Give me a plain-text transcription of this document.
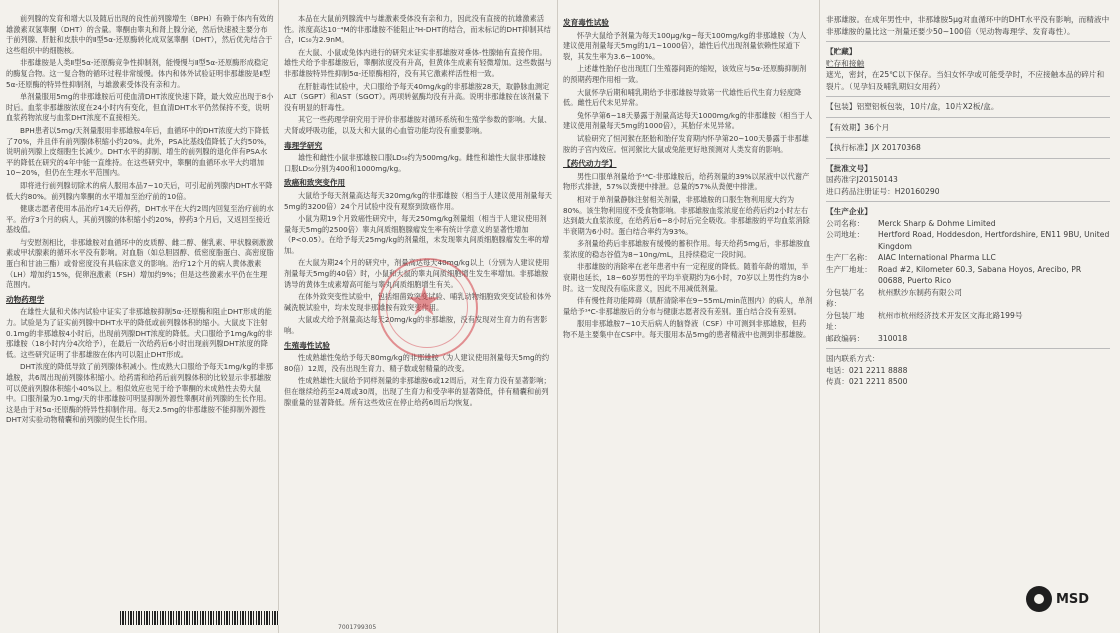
前列腺的发育和增大以及随后出现的良性前列腺增生（BPH）有赖于体内有效的雄激素双氢睾酮（DHT）的含量。睾酮由睾丸和肾上腺分泌，然后快速被主要分布于前列腺、肝脏和皮肤中的Ⅱ型5α-还原酶转化成双氢睾酮（DHT），然后优先结合于这些组织中的细胞核。

非那雄胺是人类Ⅱ型5α-还原酶竞争性抑制剂，能慢慢与Ⅱ型5α-还原酶形成稳定的酶复合物。这一复合物的循环过程非常缓慢。体内和体外试验证明非那雄胺是Ⅱ型5α-还原酶的特异性抑制剂，与雄激素受体没有亲和力。

单剂量服用5mg的非那雄胺后可使血清DHT浓度快速下降，最大效应出现于8小时后。血浆非那雄胺浓度在24小时内有变化，但血清DHT水平仍然保持不变，说明血浆药物浓度与血浆DHT浓度不直接相关。

BPH患者以5mg/天剂量服用非那雄胺4年后，血循环中的DHT浓度大约下降低了70%，并且伴有前列腺体积缩小约20%。此外，PSA比基线值降低了大约50%，说明前列腺上皮细胞生长减少。DHT水平的抑制、增生的前列腺的退化伴有PSA水平的降低在研究的4年中能一直维持。在这些研究中，睾酮的血循环水平大约增加10~20%，但仍在生理水平范围内。

即将进行前列腺切除术的病人服用本品7~10天后，可引起前列腺内DHT水平降低大约80%。前列腺内睾酮的水平增加至治疗前的10倍。

健康志愿者使用本品治疗14天后停药，DHT水平在大约2周内回复至治疗前的水平。治疗3个月的病人，其前列腺的体积缩小约20%，停药3个月后，又返回至接近基线值。

与安慰剂相比，非那雄胺对血循环中的皮质醇、雌二醇、催乳素、甲状腺刺激激素或甲状腺素的循环水平没有影响。对血脂（如总胆固醇、低密度脂蛋白、高密度脂蛋白和甘油三酯）或骨密度没有具临床意义的影响。治疗12个月的病人黄体激素（LH）增加约15%，促卵泡激素（FSH）增加约9%；但是这些激素水平仍在生理范围内。

动物药理学

在雄性大鼠和犬体内试验中证实了非那雄胺抑制5α-还原酶和阻止DHT形成的能力。试验是为了证实前列腺中DHT水平的降低或前列腺体积的缩小。大鼠皮下注射0.1mg的非那雄胺4小时后，出现前列腺DHT浓度的降低。犬口服给予1mg/kg的非那雄胺（18小时内分4次给予），在最后一次给药后6小时出现前列腺DHT浓度的降低。这些研究证明了非那雄胺在体内可以阻止DHT形成。

DHT浓度的降低导致了前列腺体积减小。性成熟大口服给予每天1mg/kg的非那雄胺，共6周出现前列腺体积缩小。给药需和给药后前列腺体积的比较显示非那雄胺可以使前列腺体积缩小40%以上。相似效应也见于给予睾酮的未成熟性去势大鼠中。口服剂量为0.1mg/天的非那雄胺可明显抑制外源性睾酮对前列腺的生长作用。这是由于对5α-还原酶的特异性抑制作用。每天2.5mg的非那雄胺不能抑制外源性DHT对实验动物精囊和前列腺的促生长作用。

本品在大鼠前列腺流中与雄激素受体没有亲和力，因此没有直接的抗雄激素活性。浓度高达10⁻⁴M的非那雄胺不能阻止³H-DHT的结合，而未标记的DHT抑制其结合，IC₅₀为2.9nM。

在大鼠、小鼠或兔体内进行的研究未证实非那雄胺对垂体-性腺轴有直接作用。雄性犬给予非那雄胺后，睾酮浓度没有升高，但黄体生成素有轻微增加。这些数据与非那雄胺特异性抑制5α-还原酶相符，没有其它激素样活性相一致。

在肝脏毒性试验中，犬口服给予每天40mg/kg的非那雄胺28天，取静脉血测定ALT（SGPT）和AST（SGOT）。两项转氨酶均没有升高。说明非那雄胺在该剂量下没有明显的肝毒性。

其它一些药理学研究用于评价非那雄胺对循环系统和生殖学参数的影响。大鼠、犬肾或呼吸功能，以及大和大鼠的心血管功能均没有重要影响。

毒理学研究

雄性和雌性小鼠非那雄胺口服LD₅₀约为500mg/kg。雌性和雄性大鼠非那雄胺口服LD₅₀分别为400和1000mg/kg。

致癌和致突变作用

大鼠给予每天剂量高达每天320mg/kg的非那雄胺（相当于人建议使用剂量每天5mg的3200倍）24个月试验中没有观察到致癌作用。

小鼠为期19个月致癌性研究中，每天250mg/kg剂量组（相当于人建议使用剂量每天5mg的2500倍）睾丸间质细胞腺瘤发生率有统计学意义的显著性增加（P<0.05）。在给予每天25mg/kg的剂量组，未发现睾丸间质细胞腺瘤发生率的增加。

在大鼠为期24个月的研究中，剂量高达每天40mg/kg以上（分别为人建议使用剂量每天5mg的40倍）时，小鼠和大鼠的睾丸间质细胞增生发生率增加。非那雄胺诱导的黄体生成素增高可能与睾丸间质细胞增生有关。

在体外致突变性试验中，包括细菌致突变试验、哺乳动物细胞致突变试验和体外碱洗脱试验中，均未发现非那雄胺有致突变作用。

大鼠或犬给予剂量高达每天20mg/kg的非那雄胺，没有发现对生育力的有害影响。

生殖毒性试验

性成熟雄性兔给予每天80mg/kg的非那雄胺（为人建议使用剂量每天5mg的约80倍）12周，没有出现生育力、精子数或射精量的改变。

性成熟雄性大鼠给予同样剂量的非那雄胺6或12周后，对生育力没有显著影响；但在继续给药至24周或30周，出现了生育力和受孕率的显著降低，伴有精囊和前列腺重量的显著降低。所有这些效应在停止给药6周后均恢复。

发育毒性试验

怀孕大鼠给予剂量为每天100μg/kg~每天100mg/kg的非那雄胺（为人建议使用剂量每天5mg的1/1~1000倍），雄性后代出现剂量依赖性尿道下裂，其发生率为3.6~100%。

上述雄性胎仔也出现肛门生殖器间距的缩短，该效应与5α-还原酶抑制剂的预期药理作用相一致。

大鼠怀孕后期和哺乳期给予非那雄胺导致第一代雄性后代生育力轻度降低。雌性后代未见异常。

兔怀孕第6~18天暴露于剂量高达每天1000mg/kg的非那雄胺（相当于人建议使用剂量每天5mg的1000倍），其胎仔未见异常。

试验研究了恒河猴在胚胎和胎仔发育期内怀孕第20~100天暴露于非那雄胺的子宫内效应。恒河猴比大鼠或兔能更好地预测对人类发育的影响。

【药代动力学】

男性口服单剂量给予¹⁴C-非那雄胺后，给药剂量的39%以尿液中以代谢产物形式排泄，57%以粪便中排泄。总量的57%从粪便中排泄。

相对于单剂量静脉注射相关剂量，非那雄胺的口服生物利用度大约为80%。该生物利用度不受食物影响。非那雄胺血浆浓度在给药后约2小时左右达到最大血浆浓度，在给药后6~8小时后完全吸收。非那雄胺的平均血浆消除半衰期为6小时。蛋白结合率约为93%。

多剂量给药后非那雄胺有缓慢的蓄积作用。每天给药5mg后，非那雄胺血浆浓度的稳态谷值为8~10ng/mL，且持续稳定一段时间。

非那雄胺的消除率在老年患者中有一定程度的降低。随着年龄的增加，半衰期也延长，18~60岁男性的平均半衰期约为6小时，70岁以上男性约为8小时。这一发现没有临床意义，因此不用减低剂量。

伴有慢性肾功能障碍（肌酐清除率在9~55mL/min范围内）的病人，单剂量给予¹⁴C-非那雄胺后的分布与健康志愿者没有差别。蛋白结合没有差别。

服用非那雄胺7~10天后病人的脑脊液（CSF）中可测到非那雄胺，但药物不是主要集中在CSF中。每天服用本品5mg的患者精液中也测到非那雄胺。

非那雄胺。在成年男性中，非那雄胺5μg对血循环中的DHT水平没有影响，而精液中非那雄胺的量比这一剂量还要少50~100倍（见动物毒理学、发育毒性）。
【贮藏】
贮存和接触
遮光，密封，在25℃以下保存。当妇女怀孕或可能受孕时，不应接触本品的碎片和裂片。（见孕妇及哺乳期妇女用药）
【包装】铝塑铝板包装，10片/盒，10片X2板/盒。
【有效期】36个月
【执行标准】JX 20170368
【批准文号】
国药准字J20150143
进口药品注册证号：H20160290
【生产企业】
公司名称：	Merck Sharp & Dohme Limited
公司地址：	Hertford Road, Hoddesdon, Hertfordshire, EN11 9BU, United Kingdom
生产厂名称： AIAC International Pharma LLC
生产厂地址： Road #2, Kilometer 60.3, Sabana Hoyos, Arecibo, PR 00688, Puerto Rico
分包装厂名称：
杭州默沙东制药有限公司
分包装厂地址：
杭州市杭州经济技术开发区文海北路199号
邮政编码：	310018
国内联系方式：
电话：021 2211 8888
传真：021 2211 8500
★
7001799305
MSD
